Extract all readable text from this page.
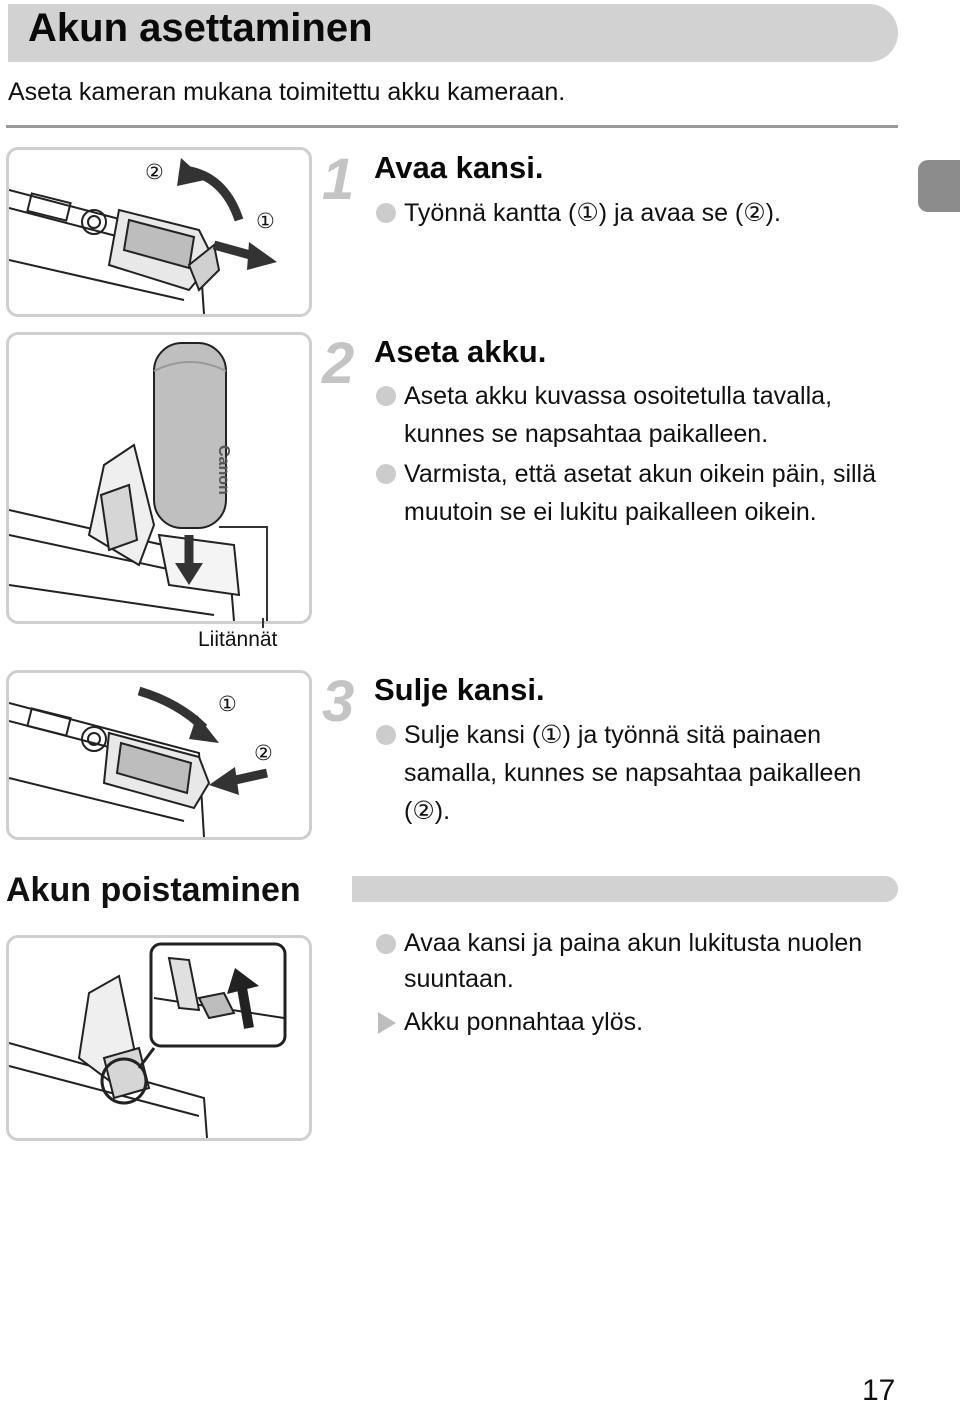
Akun asettaminen
Aseta kameran mukana toimitettu akku kameraan.
②
①
1 Avaa kansi.
Työnnä kantta (①) ja avaa se (②).
Canon
Liitännät
2 Aseta akku.
Aseta akku kuvassa osoitetulla tavalla, kunnes se napsahtaa paikalleen.
Varmista, että asetat akun oikein päin, sillä muutoin se ei lukitu paikalleen oikein.
①
②
3 Sulje kansi.
Sulje kansi (①) ja työnnä sitä painaen samalla, kunnes se napsahtaa paikalleen (②).
Akun poistaminen
Avaa kansi ja paina akun lukitusta nuolen suuntaan.
Akku ponnahtaa ylös.
17
